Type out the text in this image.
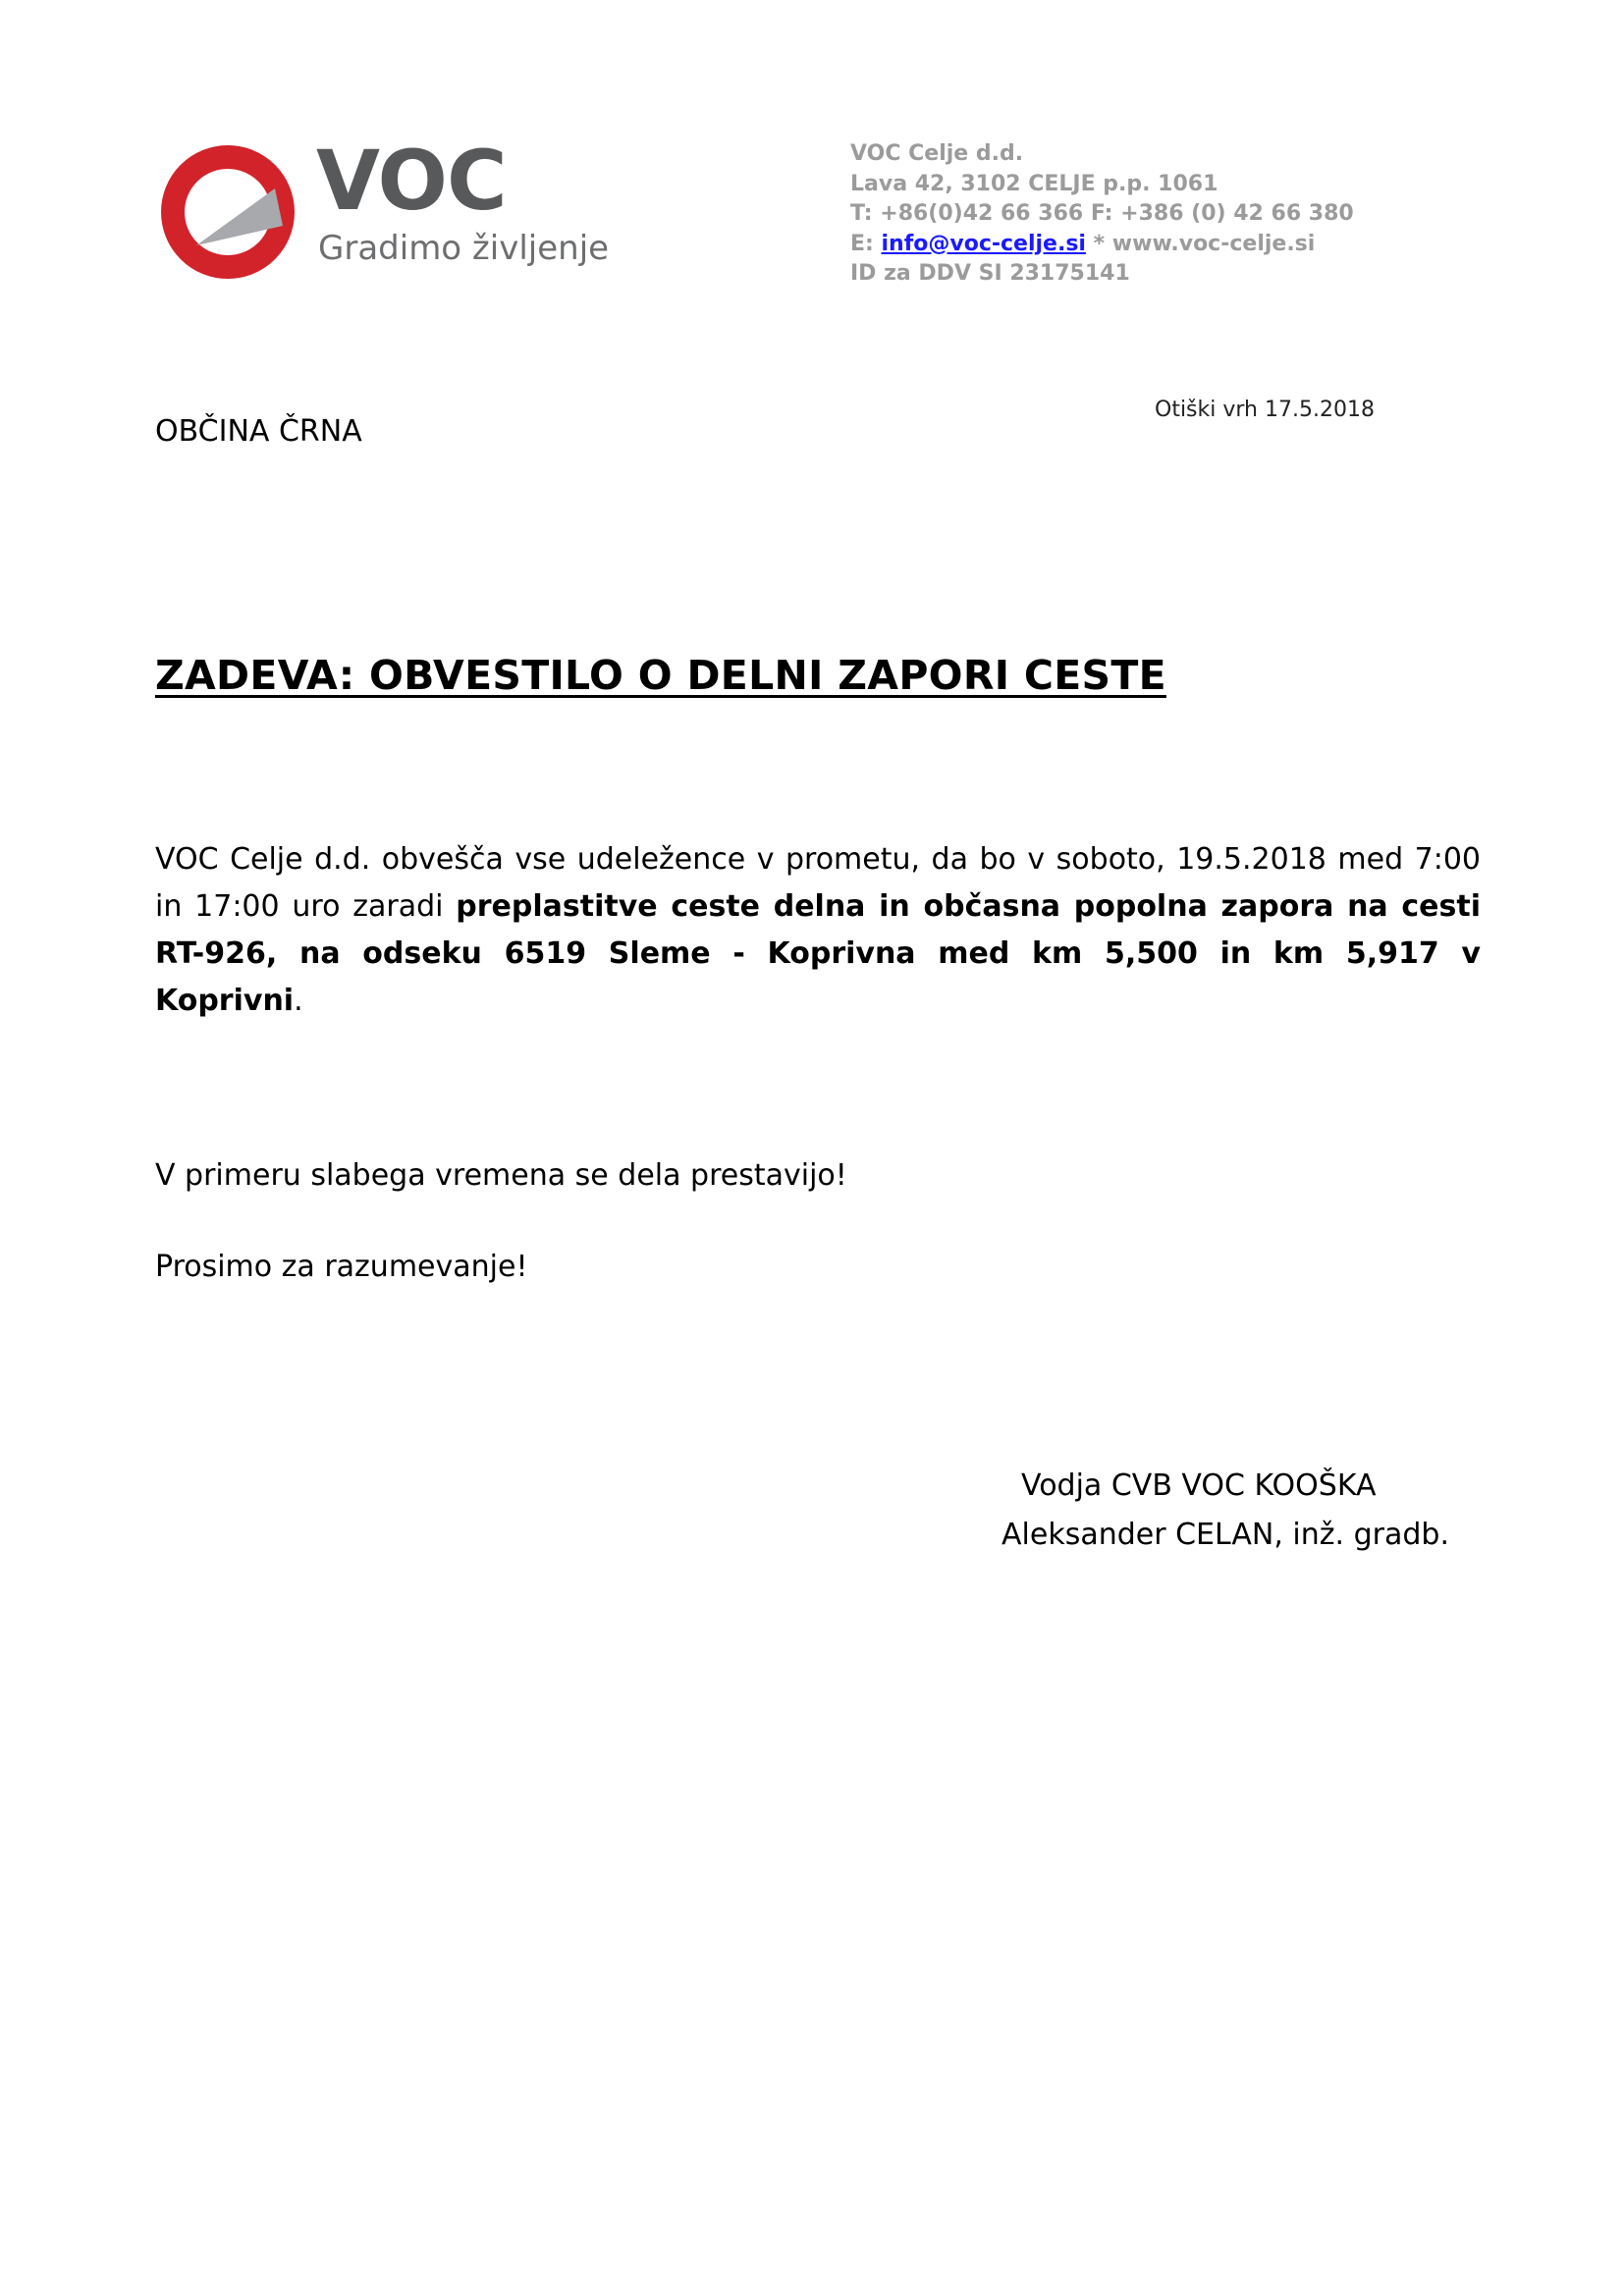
VOC
Gradimo življenje
VOC Celje d.d.
Lava 42, 3102 CELJE p.p. 1061
T: +86(0)42 66 366 F: +386 (0) 42 66 380
E: info@voc-celje.si * www.voc-celje.si
ID za DDV SI 23175141
Otiški vrh 17.5.2018
OBČINA ČRNA
ZADEVA: OBVESTILO O DELNI ZAPORI CESTE
VOC Celje d.d. obvešča vse udeležence v prometu, da bo v soboto, 19.5.2018 med 7:00 in 17:00 uro zaradi preplastitve ceste delna in občasna popolna zapora na cesti RT-926, na odseku 6519 Sleme - Koprivna med km 5,500 in km 5,917 v Koprivni.
V primeru slabega vremena se dela prestavijo!
Prosimo za razumevanje!
Vodja CVB VOC KOOŠKA
Aleksander CELAN, inž. gradb.
